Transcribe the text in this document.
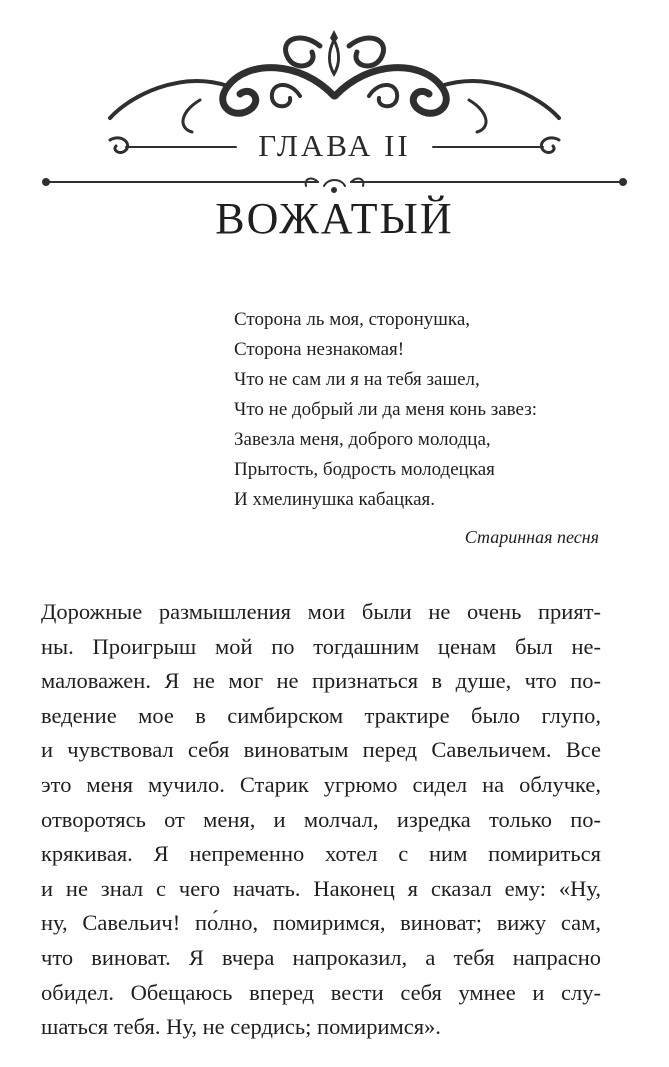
ГЛАВА II
ВОЖАТЫЙ
Сторона ль моя, сторонушка,
Сторона незнакомая!
Что не сам ли я на тебя зашел,
Что не добрый ли да меня конь завез:
Завезла меня, доброго молодца,
Прытость, бодрость молодецкая
И хмелинушка кабацкая.
Старинная песня
Дорожные размышления мои были не очень прият-
ны. Проигрыш мой по тогдашним ценам был не-
маловажен. Я не мог не признаться в душе, что по-
ведение мое в симбирском трактире было глупо,
и чувствовал себя виноватым перед Савельичем. Все
это меня мучило. Старик угрюмо сидел на облучке,
отворотясь от меня, и молчал, изредка только по-
крякивая. Я непременно хотел с ним помириться
и не знал с чего начать. Наконец я сказал ему: «Ну,
ну, Савельич! по́лно, помиримся, виноват; вижу сам,
что виноват. Я вчера напроказил, а тебя напрасно
обидел. Обещаюсь вперед вести себя умнее и слу-
шаться тебя. Ну, не сердись; помиримся».
